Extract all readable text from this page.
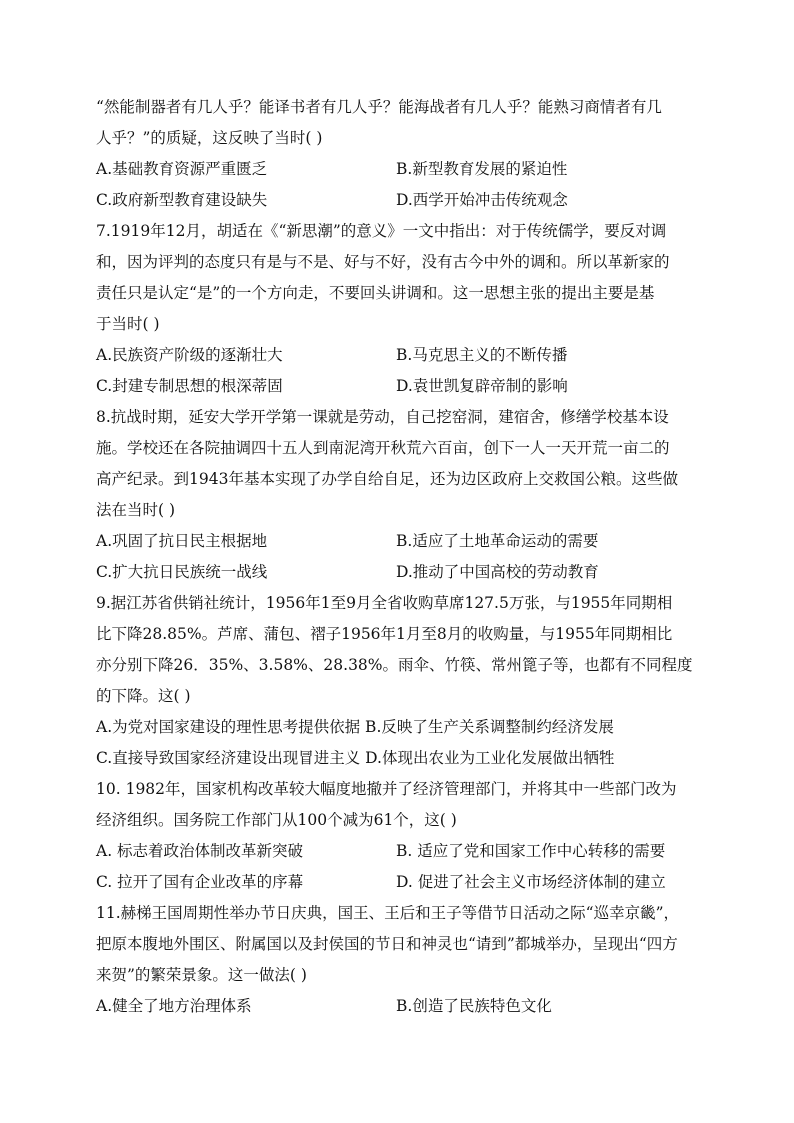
“然能制器者有几人乎？能译书者有几人乎？能海战者有几人乎？能熟习商情者有几

人乎？”的质疑，这反映了当时( )

A.基础教育资源严重匮乏	B.新型教育发展的紧迫性
C.政府新型教育建设缺失	D.西学开始冲击传统观念

7.1919年12月，胡适在《“新思潮”的意义》一文中指出：对于传统儒学，要反对调

和，因为评判的态度只有是与不是、好与不好，没有古今中外的调和。所以革新家的

责任只是认定“是”的一个方向走，不要回头讲调和。这一思想主张的提出主要是基

于当时( )

A.民族资产阶级的逐渐壮大	B.马克思主义的不断传播
C.封建专制思想的根深蒂固	D.袁世凯复辟帝制的影响

8.抗战时期，延安大学开学第一课就是劳动，自己挖窑洞，建宿舍，修缮学校基本设

施。学校还在各院抽调四十五人到南泥湾开秋荒六百亩，创下一人一天开荒一亩二的

高产纪录。到1943年基本实现了办学自给自足，还为边区政府上交救国公粮。这些做

法在当时( )

A.巩固了抗日民主根据地	B.适应了土地革命运动的需要
C.扩大抗日民族统一战线	D.推动了中国高校的劳动教育

9.据江苏省供销社统计，1956年1至9月全省收购草席127.5万张，与1955年同期相

比下降28.85%。芦席、蒲包、褶子1956年1月至8月的收购量，与1955年同期相比

亦分别下降26．35%、3.58%、28.38%。雨伞、竹筷、常州篦子等，也都有不同程度

的下降。这( )

A.为党对国家建设的理性思考提供依据 B.反映了生产关系调整制约经济发展
C.直接导致国家经济建设出现冒进主义 D.体现出农业为工业化发展做出牺牲

10. 1982年，国家机构改革较大幅度地撤并了经济管理部门，并将其中一些部门改为

经济组织。国务院工作部门从100个减为61个，这( )

A. 标志着政治体制改革新突破	B. 适应了党和国家工作中心转移的需要
C. 拉开了国有企业改革的序幕	D. 促进了社会主义市场经济体制的建立

11.赫梯王国周期性举办节日庆典，国王、王后和王子等借节日活动之际“巡幸京畿”，

把原本腹地外围区、附属国以及封侯国的节日和神灵也“请到”都城举办，呈现出“四方

来贺”的繁荣景象。这一做法( )

A.健全了地方治理体系	B.创造了民族特色文化
